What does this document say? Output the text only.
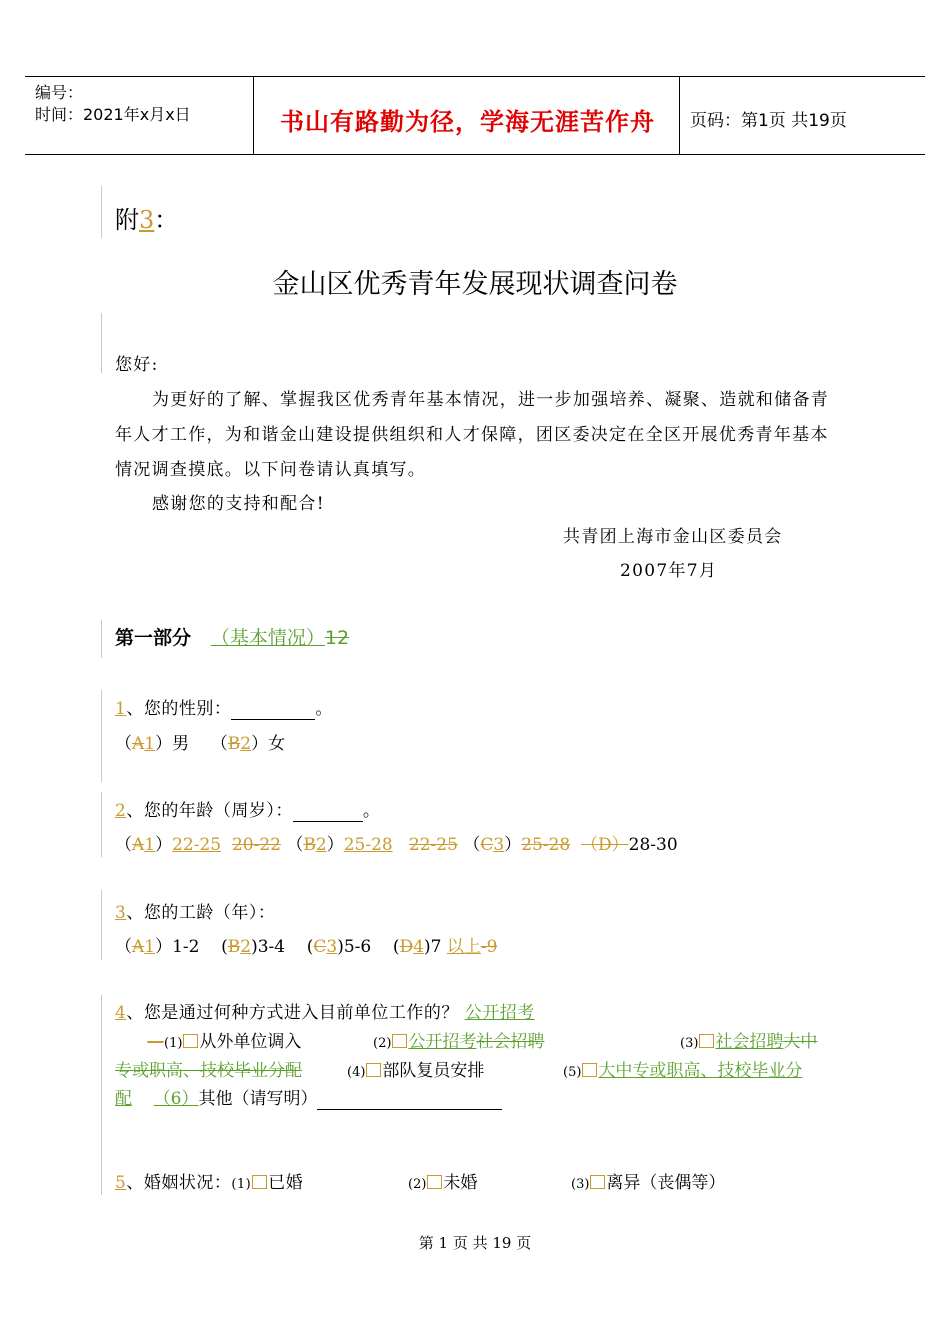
编号：
时间：2021年x月x日	书山有路勤为径，学海无涯苦作舟	页码：第1页 共19页
附3：
金山区优秀青年发展现状调查问卷
您好:
为更好的了解、掌握我区优秀青年基本情况，进一步加强培养、凝聚、造就和储备青年人才工作，为和谐金山建设提供组织和人才保障，团区委决定在全区开展优秀青年基本情况调查摸底。以下问卷请认真填写。
感谢您的支持和配合!
共青团上海市金山区委员会
2007年7月
第一部分 （基本情况）12
1、您的性别：	。
（A1）男    （B2）女
2、您的年龄（周岁）：	。
（A1）22-25 20-22 （B2）25-28 22-25 （C3）25-28 （D）28-30
3、您的工龄（年）：
（A1）1-2    (B2)3-4    (C3)5-6    (D4)7 以上-9
4、您是通过何种方式进入目前单位工作的？ 公开招考
—(1) 从外单位调入	(2) 公开招考社会招聘	(3) 社会招聘大中
专或职高、技校毕业分配	(4) 部队复员安排	(5) 大中专或职高、技校毕业分
配 （6）其他（请写明）
5、婚姻状况：(1) 已婚	(2) 未婚	(3) 离异（丧偶等）
第 1 页 共 19 页
